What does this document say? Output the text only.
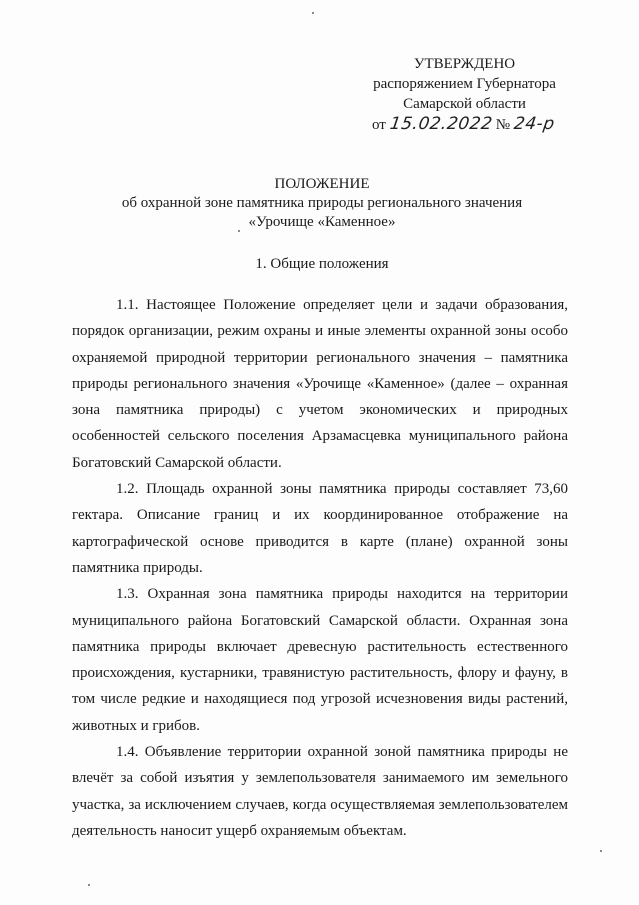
УТВЕРЖДЕНО
распоряжением Губернатора
Самарской области
от 15.02.2022 № 24-р
ПОЛОЖЕНИЕ
об охранной зоне памятника природы регионального значения
«Урочище «Каменное»
1. Общие положения

1.1. Настоящее Положение определяет цели и задачи образования, порядок организации, режим охраны и иные элементы охранной зоны особо охраняемой природной территории регионального значения – памятника природы регионального значения «Урочище «Каменное» (далее – охранная зона памятника природы) с учетом экономических и природных особенностей сельского поселения Арзамасцевка муниципального района Богатовский Самарской области.

1.2. Площадь охранной зоны памятника природы составляет 73,60 гектара. Описание границ и их координированное отображение на картографической основе приводится в карте (плане) охранной зоны памятника природы.

1.3. Охранная зона памятника природы находится на территории муниципального района Богатовский Самарской области. Охранная зона памятника природы включает древесную растительность естественного происхождения, кустарники, травянистую растительность, флору и фауну, в том числе редкие и находящиеся под угрозой исчезновения виды растений, животных и грибов.

1.4. Объявление территории охранной зоной памятника природы не влечёт за собой изъятия у землепользователя занимаемого им земельного участка, за исключением случаев, когда осуществляемая землепользователем деятельность наносит ущерб охраняемым объектам.
